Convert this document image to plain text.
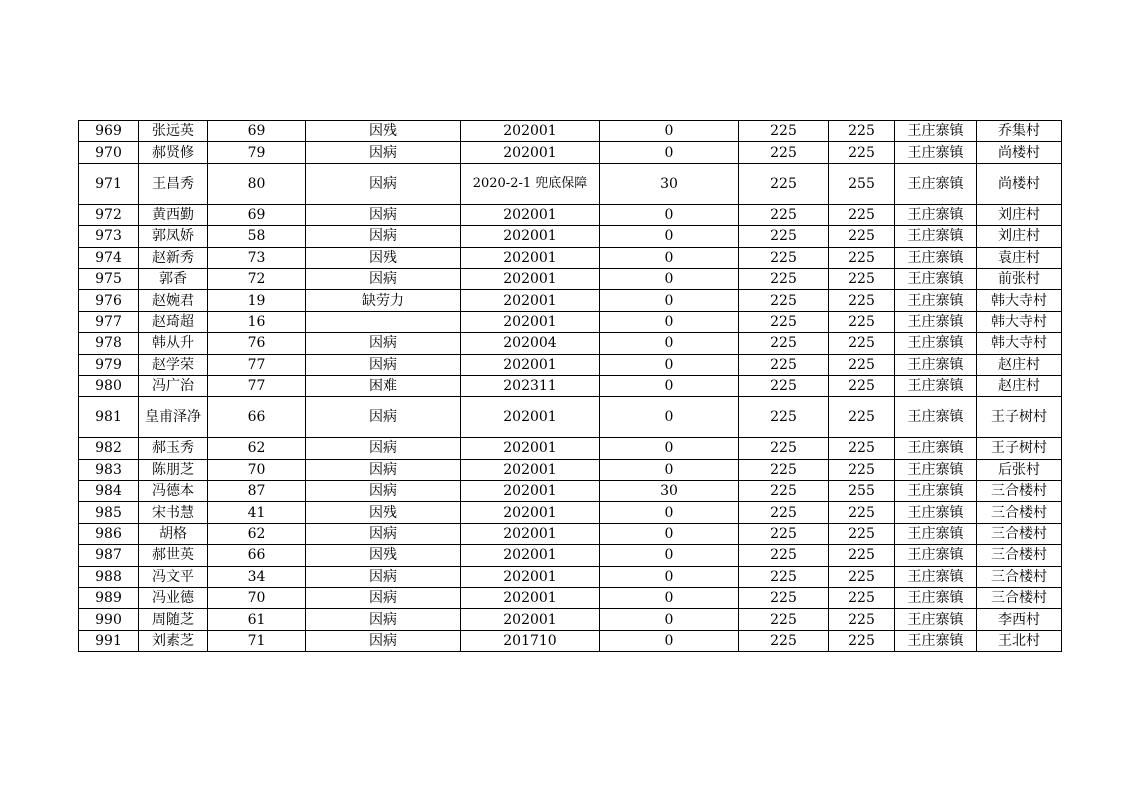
969	张远英	69	因残	202001	0	225	225	王庄寨镇	乔集村
970	郝贤修	79	因病	202001	0	225	225	王庄寨镇	尚楼村
971	王昌秀	80	因病	2020-2-1 兜底保障	30	225	255	王庄寨镇	尚楼村
972	黄西勤	69	因病	202001	0	225	225	王庄寨镇	刘庄村
973	郭凤娇	58	因病	202001	0	225	225	王庄寨镇	刘庄村
974	赵新秀	73	因残	202001	0	225	225	王庄寨镇	袁庄村
975	郭香	72	因病	202001	0	225	225	王庄寨镇	前张村
976	赵婉君	19	缺劳力	202001	0	225	225	王庄寨镇	韩大寺村
977	赵琦超	16		202001	0	225	225	王庄寨镇	韩大寺村
978	韩从升	76	因病	202004	0	225	225	王庄寨镇	韩大寺村
979	赵学荣	77	因病	202001	0	225	225	王庄寨镇	赵庄村
980	冯广治	77	困难	202311	0	225	225	王庄寨镇	赵庄村
981	皇甫泽净	66	因病	202001	0	225	225	王庄寨镇	王子树村
982	郝玉秀	62	因病	202001	0	225	225	王庄寨镇	王子树村
983	陈朋芝	70	因病	202001	0	225	225	王庄寨镇	后张村
984	冯德本	87	因病	202001	30	225	255	王庄寨镇	三合楼村
985	宋书慧	41	因残	202001	0	225	225	王庄寨镇	三合楼村
986	胡格	62	因病	202001	0	225	225	王庄寨镇	三合楼村
987	郝世英	66	因残	202001	0	225	225	王庄寨镇	三合楼村
988	冯文平	34	因病	202001	0	225	225	王庄寨镇	三合楼村
989	冯业德	70	因病	202001	0	225	225	王庄寨镇	三合楼村
990	周随芝	61	因病	202001	0	225	225	王庄寨镇	李西村
991	刘素芝	71	因病	201710	0	225	225	王庄寨镇	王北村
